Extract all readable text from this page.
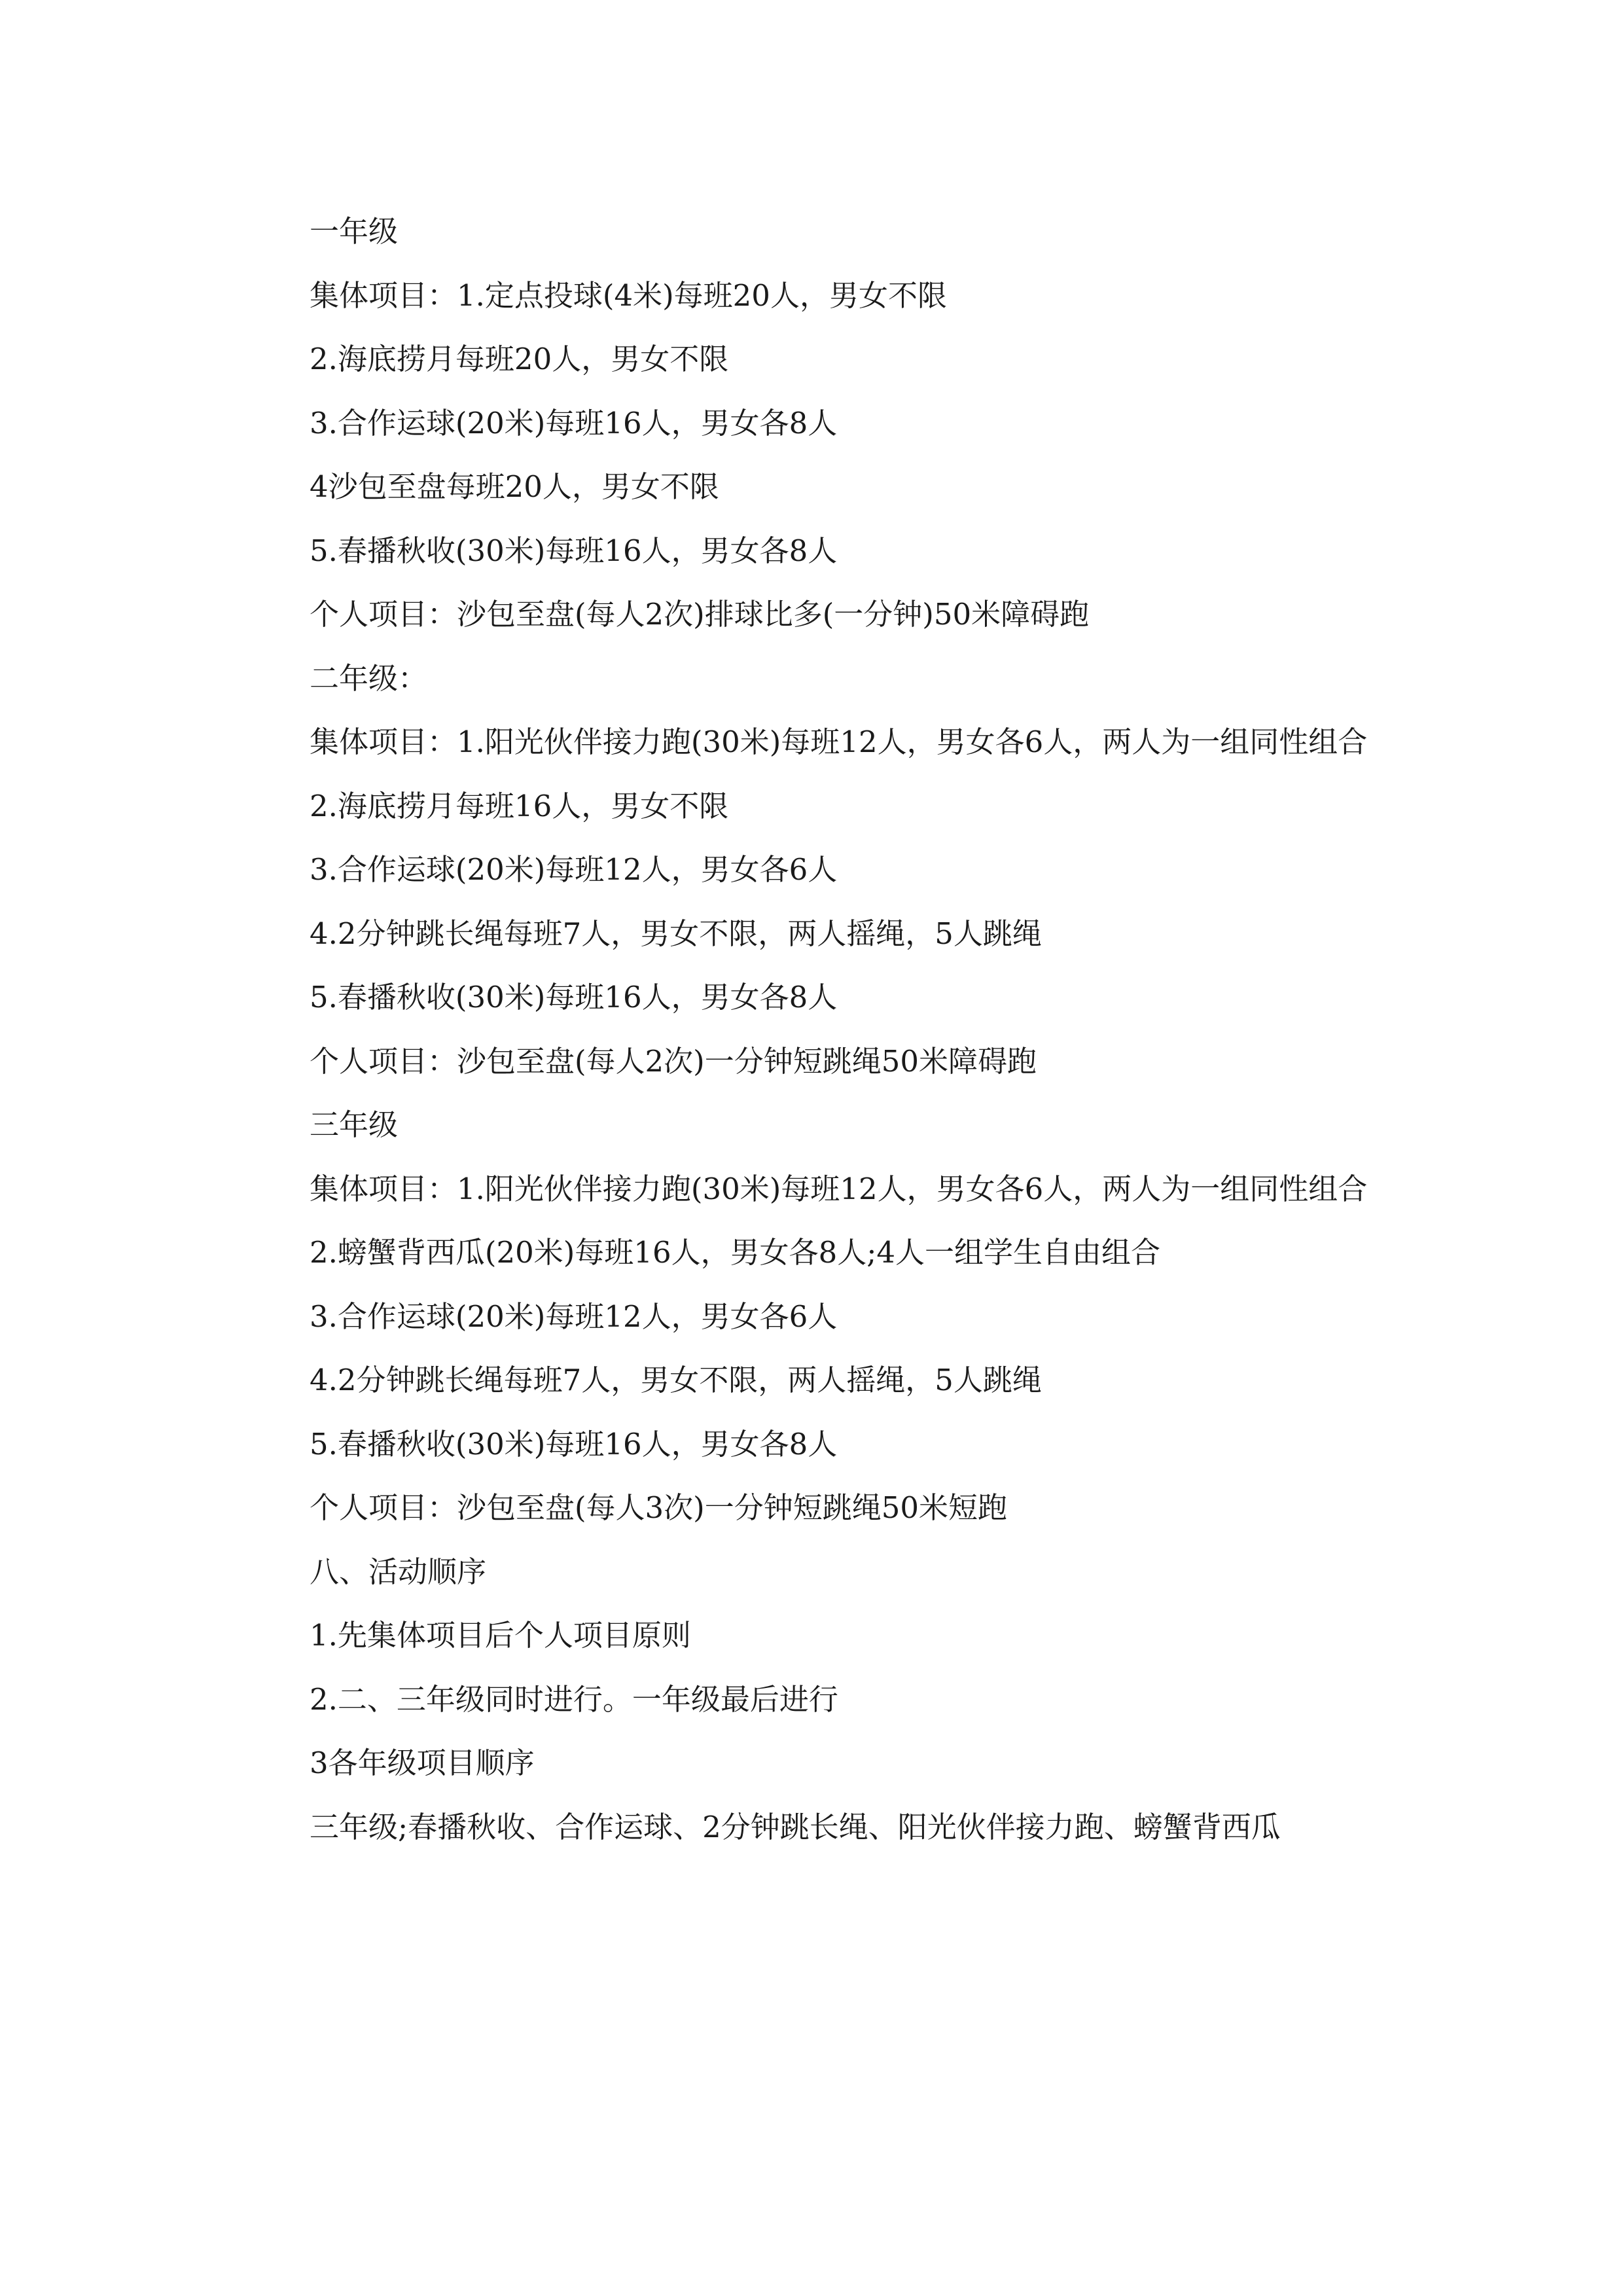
一年级

集体项目：1.定点投球(4米)每班20人，男女不限

2.海底捞月每班20人，男女不限

3.合作运球(20米)每班16人，男女各8人

4沙包至盘每班20人，男女不限

5.春播秋收(30米)每班16人，男女各8人

个人项目：沙包至盘(每人2次)排球比多(一分钟)50米障碍跑

二年级：

集体项目：1.阳光伙伴接力跑(30米)每班12人，男女各6人，两人为一组同性组合

2.海底捞月每班16人，男女不限

3.合作运球(20米)每班12人，男女各6人

4.2分钟跳长绳每班7人，男女不限，两人摇绳，5人跳绳

5.春播秋收(30米)每班16人，男女各8人

个人项目：沙包至盘(每人2次)一分钟短跳绳50米障碍跑

三年级

集体项目：1.阳光伙伴接力跑(30米)每班12人，男女各6人，两人为一组同性组合

2.螃蟹背西瓜(20米)每班16人，男女各8人;4人一组学生自由组合

3.合作运球(20米)每班12人，男女各6人

4.2分钟跳长绳每班7人，男女不限，两人摇绳，5人跳绳

5.春播秋收(30米)每班16人，男女各8人

个人项目：沙包至盘(每人3次)一分钟短跳绳50米短跑

八、活动顺序

1.先集体项目后个人项目原则

2.二、三年级同时进行。一年级最后进行

3各年级项目顺序

三年级;春播秋收、合作运球、2分钟跳长绳、阳光伙伴接力跑、螃蟹背西瓜
